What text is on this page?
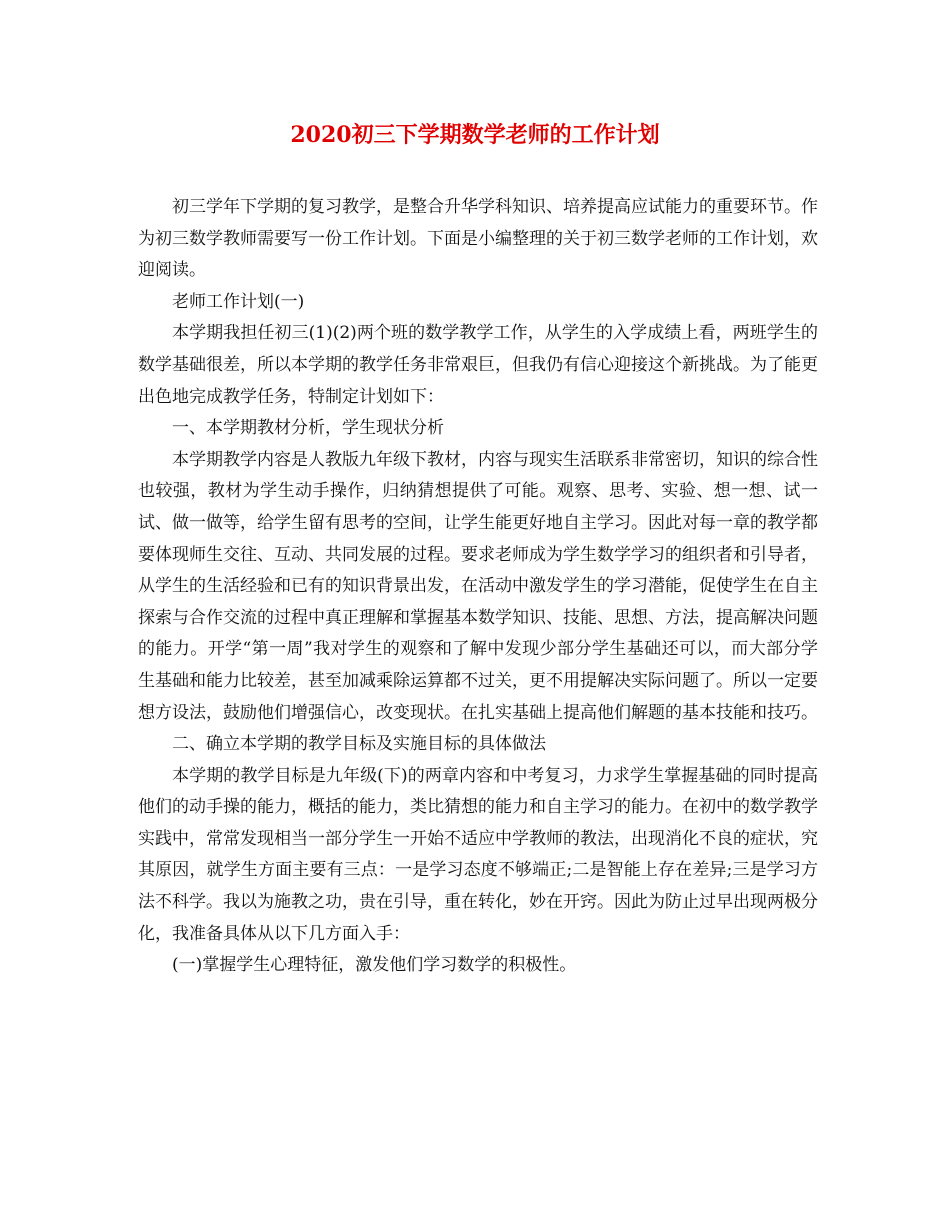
2020初三下学期数学老师的工作计划

初三学年下学期的复习教学，是整合升华学科知识、培养提高应试能力的重要环节。作为初三数学教师需要写一份工作计划。下面是小编整理的关于初三数学老师的工作计划，欢迎阅读。

老师工作计划(一)

本学期我担任初三(1)(2)两个班的数学教学工作，从学生的入学成绩上看，两班学生的数学基础很差，所以本学期的教学任务非常艰巨，但我仍有信心迎接这个新挑战。为了能更出色地完成教学任务，特制定计划如下：

一、本学期教材分析，学生现状分析

本学期教学内容是人教版九年级下教材，内容与现实生活联系非常密切，知识的综合性也较强，教材为学生动手操作，归纳猜想提供了可能。观察、思考、实验、想一想、试一试、做一做等，给学生留有思考的空间，让学生能更好地自主学习。因此对每一章的教学都要体现师生交往、互动、共同发展的过程。要求老师成为学生数学学习的组织者和引导者，从学生的生活经验和已有的知识背景出发，在活动中激发学生的学习潜能，促使学生在自主探索与合作交流的过程中真正理解和掌握基本数学知识、技能、思想、方法，提高解决问题的能力。开学“第一周”我对学生的观察和了解中发现少部分学生基础还可以，而大部分学生基础和能力比较差，甚至加减乘除运算都不过关，更不用提解决实际问题了。所以一定要想方设法，鼓励他们增强信心，改变现状。在扎实基础上提高他们解题的基本技能和技巧。

二、确立本学期的教学目标及实施目标的具体做法

本学期的教学目标是九年级(下)的两章内容和中考复习，力求学生掌握基础的同时提高他们的动手操的能力，概括的能力，类比猜想的能力和自主学习的能力。在初中的数学教学实践中，常常发现相当一部分学生一开始不适应中学教师的教法，出现消化不良的症状，究其原因，就学生方面主要有三点：一是学习态度不够端正;二是智能上存在差异;三是学习方法不科学。我以为施教之功，贵在引导，重在转化，妙在开窍。因此为防止过早出现两极分化，我准备具体从以下几方面入手：

(一)掌握学生心理特征，激发他们学习数学的积极性。
